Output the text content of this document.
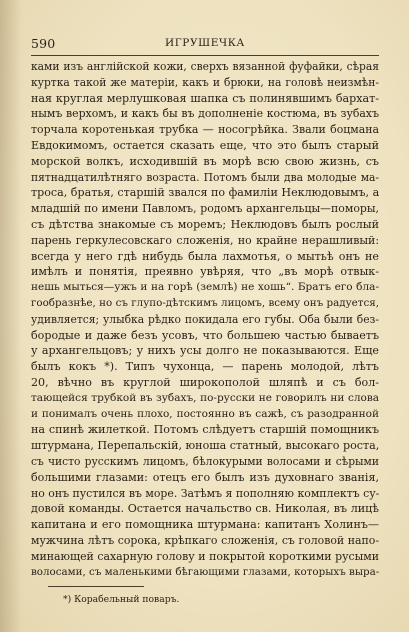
590	ИГРУШЕЧКА
ками изъ англійской кожи, сверхъ вязанной фуфайки, сѣрая
куртка такой же матеріи, какъ и брюки, на головѣ неизмѣн-
ная круглая мерлушковая шапка съ полинявшимъ бархат-
нымъ верхомъ, и какъ бы въ дополненіе костюма, въ зубахъ
торчала коротенькая трубка — носогрѣйка. Звали боцмана
Евдокимомъ, остается сказать еще, что это былъ старый
морской волкъ, исходившій въ морѣ всю свою жизнь, съ
пятнадцатилѣтняго возраста. Потомъ были два молодые ма-
троса, братья, старшій звался по фамиліи Неклюдовымъ, а
младшій по имени Павломъ, родомъ архангельцы—поморы,
съ дѣтства знакомые съ моремъ; Неклюдовъ былъ рослый
парень геркулесовскаго сложенія, но крайне нерашливый:
всегда у него гдѣ нибудь была лахмотья, о мытьѣ онъ не
имѣлъ и понятія, преявно увѣряя, что „въ морѣ отвык-
нешь мыться—ужъ и на горѣ (землѣ) не хошь“. Братъ его бла-
гообразнѣе, но съ глупо-дѣтскимъ лицомъ, всему онъ радуется,
удивляется; улыбка рѣдко покидала его губы. Оба были без-
бородые и даже безъ усовъ, что большею частью бываетъ
у архангельцовъ; у нихъ усы долго не показываются. Еще
былъ кокъ *). Типъ чухонца, — парень молодой, лѣтъ
20, вѣчно въ круглой широкополой шляпѣ и съ бол-
тающейся трубкой въ зубахъ, по-русски не говорилъ ни слова
и понималъ очень плохо, постоянно въ сажѣ, съ разодранной
на спинѣ жилеткой. Потомъ слѣдуетъ старшій помощникъ
штурмана, Перепальскій, юноша статный, высокаго роста,
съ чисто русскимъ лицомъ, бѣлокурыми волосами и сѣрыми
большими глазами: отецъ его былъ изъ духовнаго званія,
но онъ пустился въ море. Затѣмъ я пополняю комплектъ су-
довой команды. Остается начальство св. Николая, въ лицѣ
капитана и его помощника штурмана: капитанъ Холинъ—
мужчина лѣтъ сорока, крѣпкаго сложенія, съ головой напо-
минающей сахарную голову и покрытой короткими русыми
волосами, съ маленькими бѣгающими глазами, которыхъ выра-
*) Корабельный поваръ.
